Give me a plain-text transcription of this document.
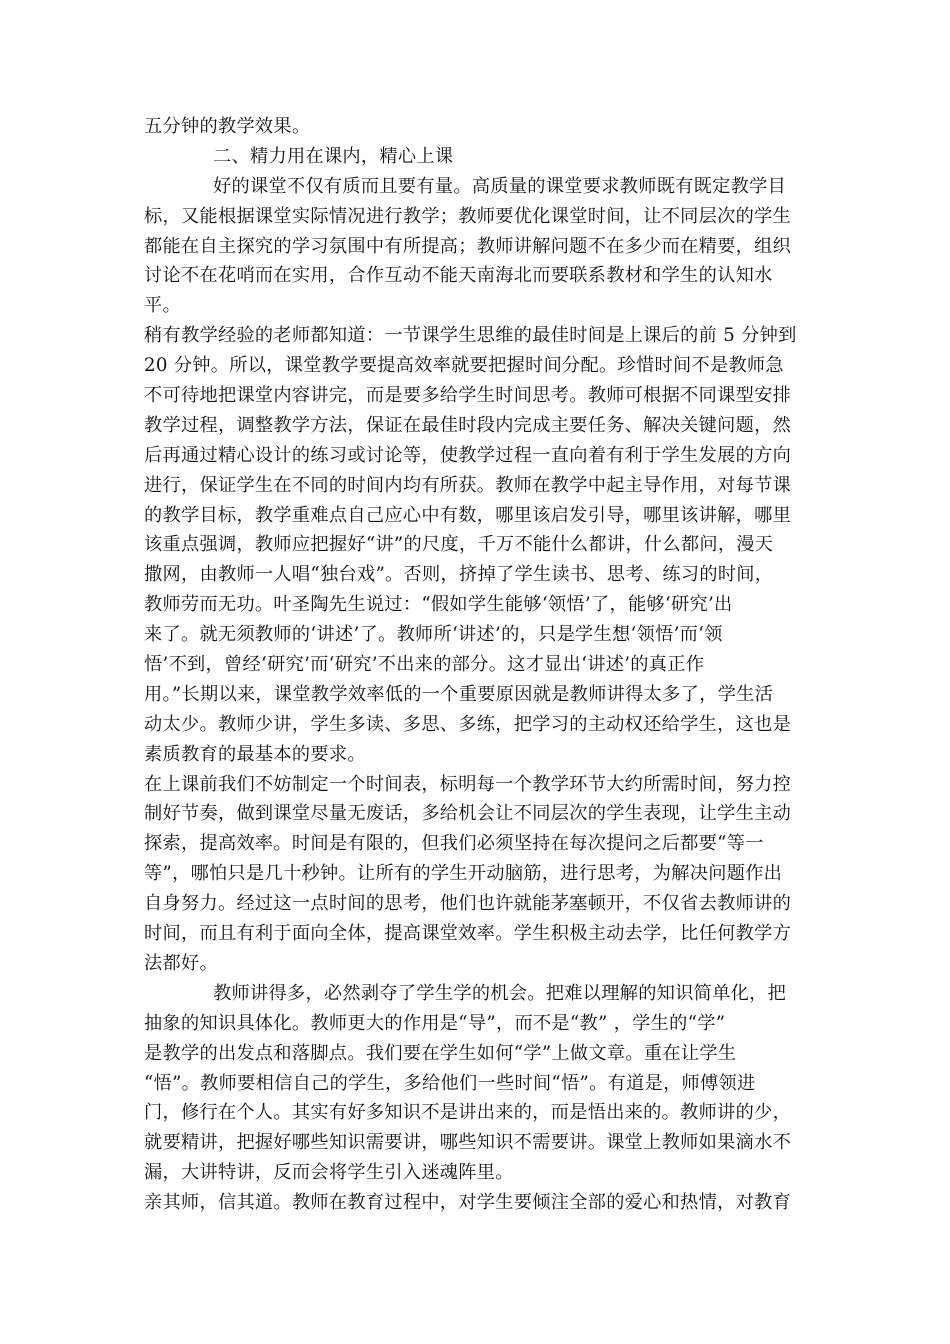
五分钟的教学效果。
二、精力用在课内，精心上课
好的课堂不仅有质而且要有量。高质量的课堂要求教师既有既定教学目
标，又能根据课堂实际情况进行教学；教师要优化课堂时间，让不同层次的学生
都能在自主探究的学习氛围中有所提高；教师讲解问题不在多少而在精要，组织
讨论不在花哨而在实用，合作互动不能天南海北而要联系教材和学生的认知水
平。
稍有教学经验的老师都知道：一节课学生思维的最佳时间是上课后的前 5 分钟到
20 分钟。所以，课堂教学要提高效率就要把握时间分配。珍惜时间不是教师急
不可待地把课堂内容讲完，而是要多给学生时间思考。教师可根据不同课型安排
教学过程，调整教学方法，保证在最佳时段内完成主要任务、解决关键问题，然
后再通过精心设计的练习或讨论等，使教学过程一直向着有利于学生发展的方向
进行，保证学生在不同的时间内均有所获。教师在教学中起主导作用，对每节课
的教学目标，教学重难点自己应心中有数，哪里该启发引导，哪里该讲解，哪里
该重点强调，教师应把握好“讲”的尺度，千万不能什么都讲，什么都问，漫天
撒网，由教师一人唱“独台戏”。否则，挤掉了学生读书、思考、练习的时间，
教师劳而无功。叶圣陶先生说过：“假如学生能够‘领悟’了，能够‘研究’出
来了。就无须教师的‘讲述’了。教师所‘讲述’的，只是学生想‘领悟’而‘领
悟’不到，曾经‘研究’而‘研究’不出来的部分。这才显出‘讲述’的真正作
用。”长期以来，课堂教学效率低的一个重要原因就是教师讲得太多了，学生活
动太少。教师少讲，学生多读、多思、多练，把学习的主动权还给学生，这也是
素质教育的最基本的要求。
在上课前我们不妨制定一个时间表，标明每一个教学环节大约所需时间，努力控
制好节奏，做到课堂尽量无废话，多给机会让不同层次的学生表现，让学生主动
探索，提高效率。时间是有限的，但我们必须坚持在每次提问之后都要“等一
等”，哪怕只是几十秒钟。让所有的学生开动脑筋，进行思考，为解决问题作出
自身努力。经过这一点时间的思考，他们也许就能茅塞顿开，不仅省去教师讲的
时间，而且有利于面向全体，提高课堂效率。学生积极主动去学，比任何教学方
法都好。
教师讲得多，必然剥夺了学生学的机会。把难以理解的知识简单化，把
抽象的知识具体化。教师更大的作用是“导”，而不是“教” ，学生的“学”
是教学的出发点和落脚点。我们要在学生如何“学”上做文章。重在让学生
“悟”。教师要相信自己的学生，多给他们一些时间“悟”。有道是，师傅领进
门，修行在个人。其实有好多知识不是讲出来的，而是悟出来的。教师讲的少，
就要精讲，把握好哪些知识需要讲，哪些知识不需要讲。课堂上教师如果滴水不
漏，大讲特讲，反而会将学生引入迷魂阵里。
亲其师，信其道。教师在教育过程中，对学生要倾注全部的爱心和热情，对教育
